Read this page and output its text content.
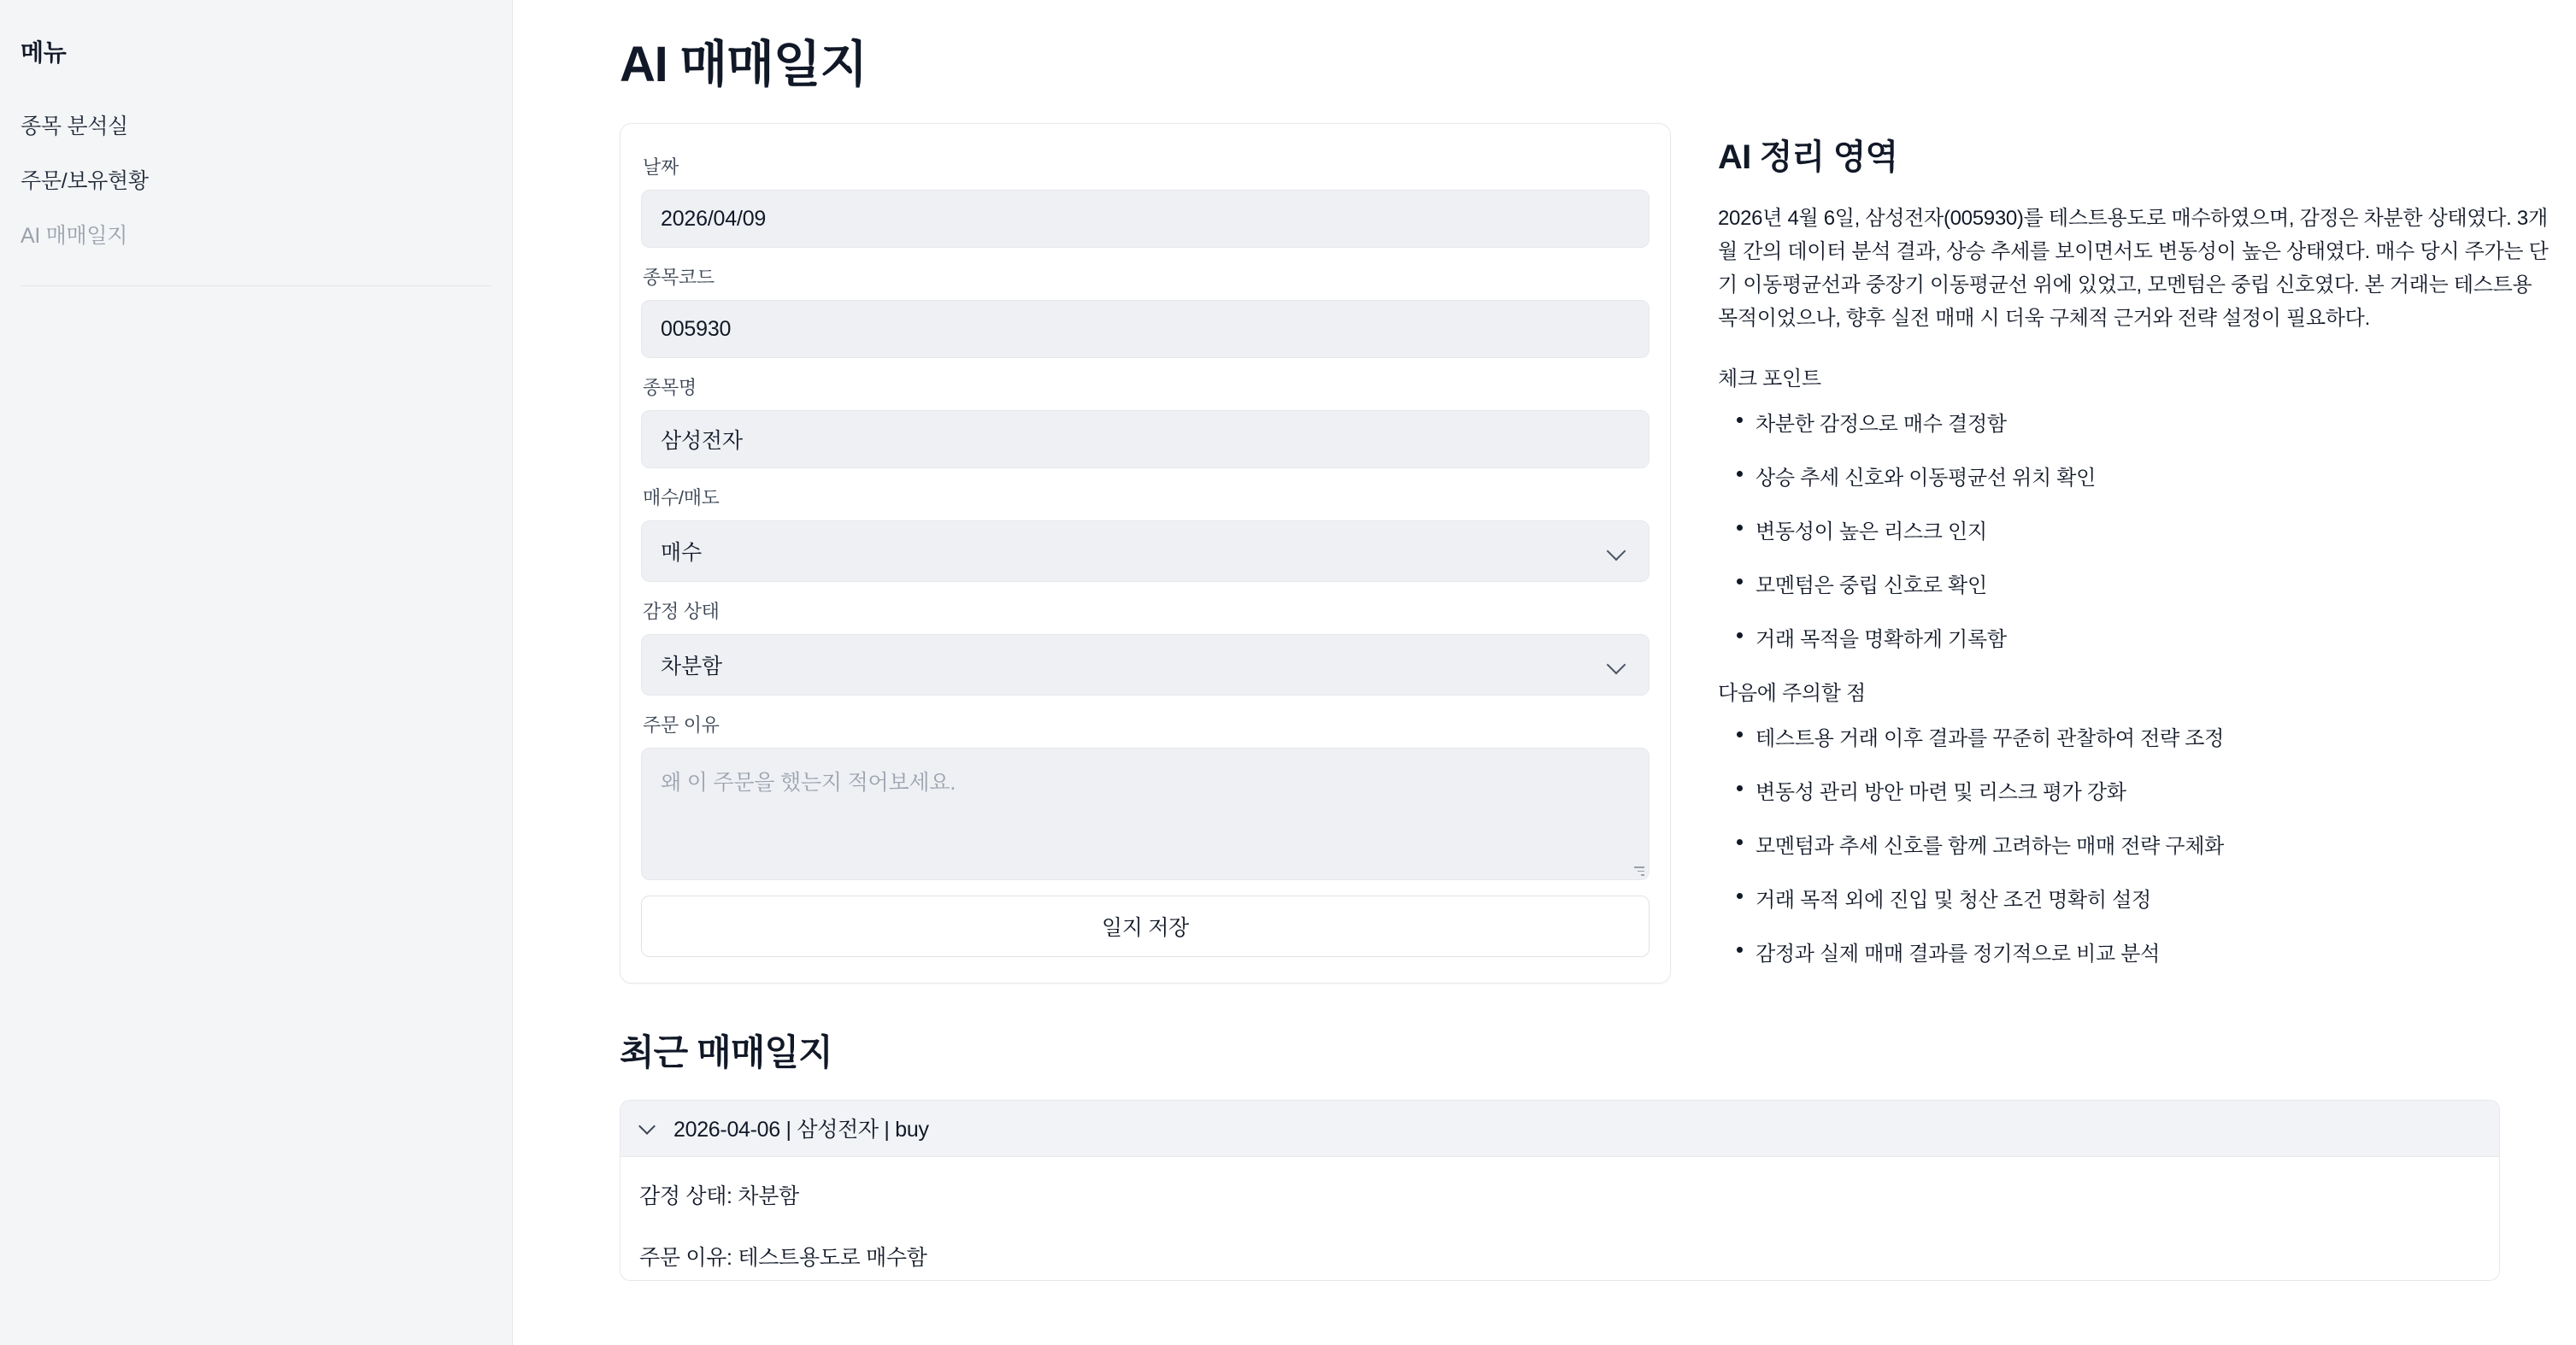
메뉴
종목 분석실
주문/보유현황
AI 매매일지
AI 매매일지
날짜
2026/04/09
종목코드
005930
종목명
삼성전자
매수/매도
매수
감정 상태
차분함
주문 이유
왜 이 주문을 했는지 적어보세요.
일지 저장
AI 정리 영역

2026년 4월 6일, 삼성전자(005930)를 테스트용도로 매수하였으며, 감정은 차분한 상태였다. 3개월 간의 데이터 분석 결과, 상승 추세를 보이면서도 변동성이 높은 상태였다. 매수 당시 주가는 단기 이동평균선과 중장기 이동평균선 위에 있었고, 모멘텀은 중립 신호였다. 본 거래는 테스트용 목적이었으나, 향후 실전 매매 시 더욱 구체적 근거와 전략 설정이 필요하다.

체크 포인트
차분한 감정으로 매수 결정함
상승 추세 신호와 이동평균선 위치 확인
변동성이 높은 리스크 인지
모멘텀은 중립 신호로 확인
거래 목적을 명확하게 기록함
다음에 주의할 점
테스트용 거래 이후 결과를 꾸준히 관찰하여 전략 조정
변동성 관리 방안 마련 및 리스크 평가 강화
모멘텀과 추세 신호를 함께 고려하는 매매 전략 구체화
거래 목적 외에 진입 및 청산 조건 명확히 설정
감정과 실제 매매 결과를 정기적으로 비교 분석
최근 매매일지
2026-04-06 | 삼성전자 | buy
감정 상태: 차분함
주문 이유: 테스트용도로 매수함
